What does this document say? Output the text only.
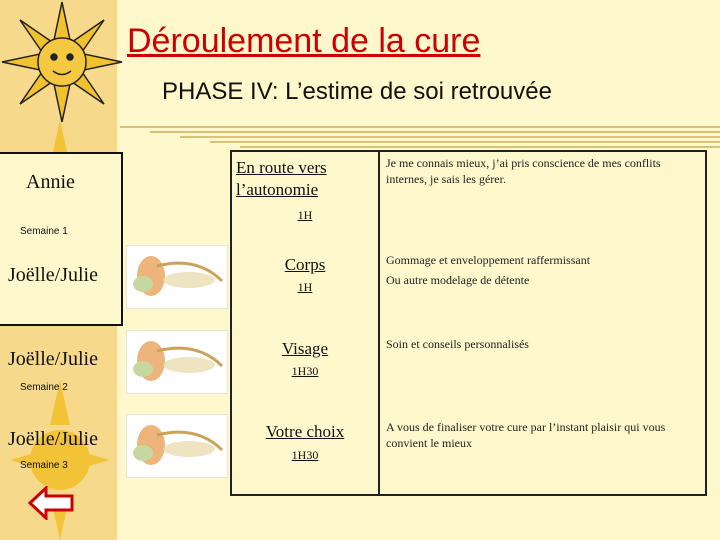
Déroulement de la cure
PHASE IV: L’estime de soi retrouvée
Annie
Semaine 1
Joëlle/Julie
Joëlle/Julie
Semaine 2
Joëlle/Julie
Semaine 3
En route vers
l’autonomie
1H
Je me connais mieux, j’ai pris conscience de mes conflits internes, je sais les gérer.
Corps
1H
Gommage et enveloppement raffermissant
Ou autre modelage de détente
Visage
1H30
Soin et conseils personnalisés
Votre choix
1H30
A vous de finaliser votre cure par l’instant plaisir qui vous convient le mieux
